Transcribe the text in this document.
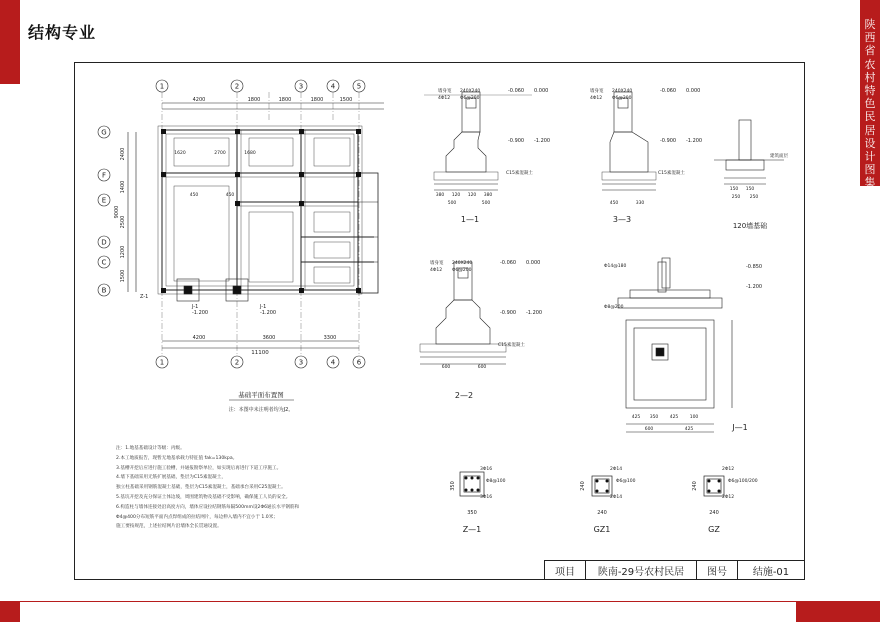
陕
西
省
农
村
特
色
民
居
设
计
图
集
结构专业
1	2	3	4	5
1	2	3	4	6
G
F
E
D
C
B
4200	1800	1800	1800	1500
4200	3600	3300
11100
2400
1400
2500
1200
1500
9000
1620	2700	1680
450	450
Z-1
J-1	J-1
-1.200	-1.200
基础平面布置图
注：本图中未注明者均为J2。
墙身宽
4Φ12 Φ6@200
240X240
C15素混凝土
-0.060 0.000
-0.900 -1.200
1—1
墙身宽
4Φ12 Φ6@200
240X240
C15素混凝土
-0.060 0.000
-0.900 -1.200
3—3
墙身宽
4Φ12 Φ6@200
240X240
C15素混凝土
-0.060 0.000
-0.900 -1.200
2—2
380 120 120 380
500	500	450	330
600	600
120墙基础
建筑面层
150 150
250 250
Φ14@180
Φ8@200
-0.850
-1.200
J—1
425 350	425	100
600	425
Z—1
3Φ16
Φ8@100
3Φ16
350
350
GZ1
2Φ14
Φ6@100
2Φ14
240
240
GZ
2Φ12
Φ6@100/200
2Φ12
240
240
注：1.地基基础设计等级：丙级。
2.本工地质报告，现暂无地基承载力特征值 fak=130kpa。
3.基槽开挖后应进行施工验槽，并通报勘察单位，如实现后再进行下道工序施工。
4.墙下基础采用无筋扩展基础，垫层为C15素混凝土，
独立柱基础采用钢筋混凝土基础，垫层为C15素混凝土，基础承台采用C25混凝土。
5.基坑开挖及充分保证土体边坡，周围建筑物及基础不受影响，确保施工人员的安全。
6.构造柱与墙体连接处沿高度方向，墙体应设拉结钢筋每隔500mm设2Φ6通长水平钢筋和
Φ4@400分布短筋平面内点焊组成的拉结网片，每边伸入墙内不宜小于 1.0米；
施工要按规范，上述拉结网片沿墙体全长贯通设置。
项目	陕南-29号农村民居	图号	结施-01
